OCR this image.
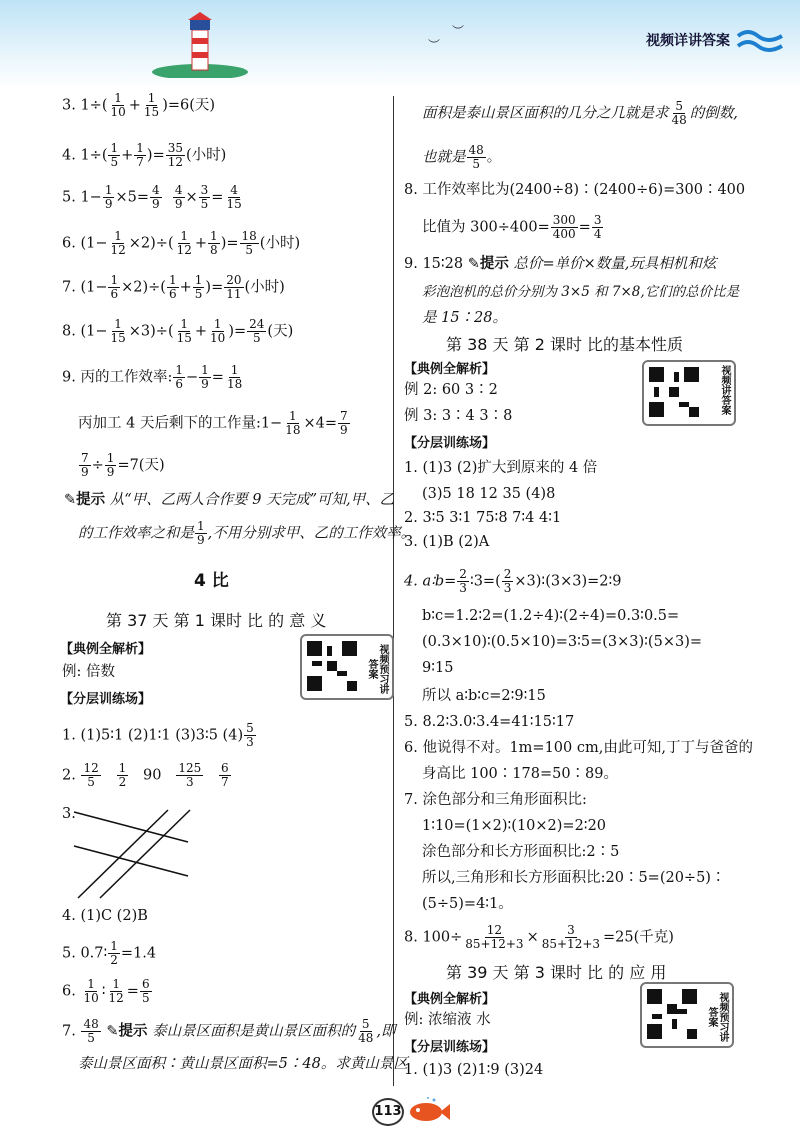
︶
︶
视频详讲答案
3. $1\div( \frac{1}{10} + \frac{1}{15} )=6$(天)
4. $1\div( \frac{1}{5} + \frac{1}{7}$ )= $\frac{35}{12}$ (小时)
5. $1- \frac{1}{9} \times 5= \frac{4}{9}$
$\frac{4}{9} \times \frac{3}{5} = \frac{4}{15}$
6. $(1- \frac{1}{12} \times 2)\div( \frac{1}{12} + \frac{1}{8}$ )= $\frac{18}{5}$ (小时)
7. $(1- \frac{1}{6} \times 2)\div( \frac{1}{6} + \frac{1}{5}$ )= $\frac{20}{11}$ (小时)
8. $(1- \frac{1}{15} \times 3)\div( \frac{1}{15} + \frac{1}{10}$ )= $\frac{24}{5}$ (天)
9. 丙的工作效率: $\frac{1}{6} - \frac{1}{9} = \frac{1}{18}$
丙加工 4 天后剩下的工作量:1− $\frac{1}{18} \times 4= \frac{7}{9}$
$\frac{7}{9} \div \frac{1}{9} =7$(天)
✎提示 从“甲、乙两人合作要 9 天完成”可知,甲、乙
的工作效率之和是 $\frac{1}{9}$ ,不用分别求甲、乙的工作效率。
4 比
第 37 天 第 1 课时 比 的 意 义
【典例全解析】
例: 倍数
【分层训练场】
视频预习讲答案
1. (1)5∶1 (2)1∶1 (3)3∶5 $(4) \frac{5}{3}$
2. $\frac{12}{5}$
$\frac{1}{2} 90 \frac{125}{3}$
$\frac{6}{7}$
3.
4. (1)C (2)B
5. 0.7∶ $\frac{1}{2} =1.4$
6. $\frac{1}{10}$ ∶ $\frac{1}{12} = \frac{6}{5}$
7. $\frac{48}{5}$ ✎提示 泰山景区面积是黄山景区面积的 $\frac{5}{48}$ ,即
泰山景区面积∶黄山景区面积=5∶48。求黄山景区
面积是泰山景区面积的几分之几就是求 $\frac{5}{48}$ 的倒数,
也就是 $\frac{48}{5}$ 。
8. 工作效率比为(2400÷8)∶(2400÷6)=300∶400
比值为 $300\div 400= \frac{300}{400} = \frac{3}{4}$
9. 15∶28 ✎提示 总价=单价×数量,玩具相机和炫
彩泡泡机的总价分别为 3×5 和 7×8,它们的总价比是
是 15∶28。
第 38 天 第 2 课时 比的基本性质
【典例全解析】	视频讲答案
例 2: 60 3∶2
例 3: 3∶4 3∶8
【分层训练场】
1. (1)3 (2)扩大到原来的 4 倍
(3)5 18 12 35 (4)8
2. 3∶5 3∶1 75∶8 7∶4 4∶1
3. (1)B (2)A
4. a∶b= $\frac{2}{3}$ ∶3=( $\frac{2}{3}$ ×3)∶(3×3)=2∶9
b∶c=1.2∶2=(1.2÷4)∶(2÷4)=0.3∶0.5=
(0.3×10)∶(0.5×10)=3∶5=(3×3)∶(5×3)=
9∶15
所以 a∶b∶c=2∶9∶15
5. 8.2∶3.0∶3.4=41∶15∶17
6. 他说得不对。1m=100 cm,由此可知,丁丁与爸爸的
身高比 100∶178=50∶89。
7. 涂色部分和三角形面积比:
1∶10=(1×2)∶(10×2)=2∶20
涂色部分和长方形面积比:2∶5
所以,三角形和长方形面积比:20∶5=(20÷5)∶
(5÷5)=4∶1。
8. $100\div \frac{12}{85+12+3} \times \frac{3}{85+12+3} =25$(千克)
第 39 天 第 3 课时 比 的 应 用
【典例全解析】	视频预习讲答案
例: 浓缩液 水
【分层训练场】
1. (1)3 (2)1∶9 (3)24
113
